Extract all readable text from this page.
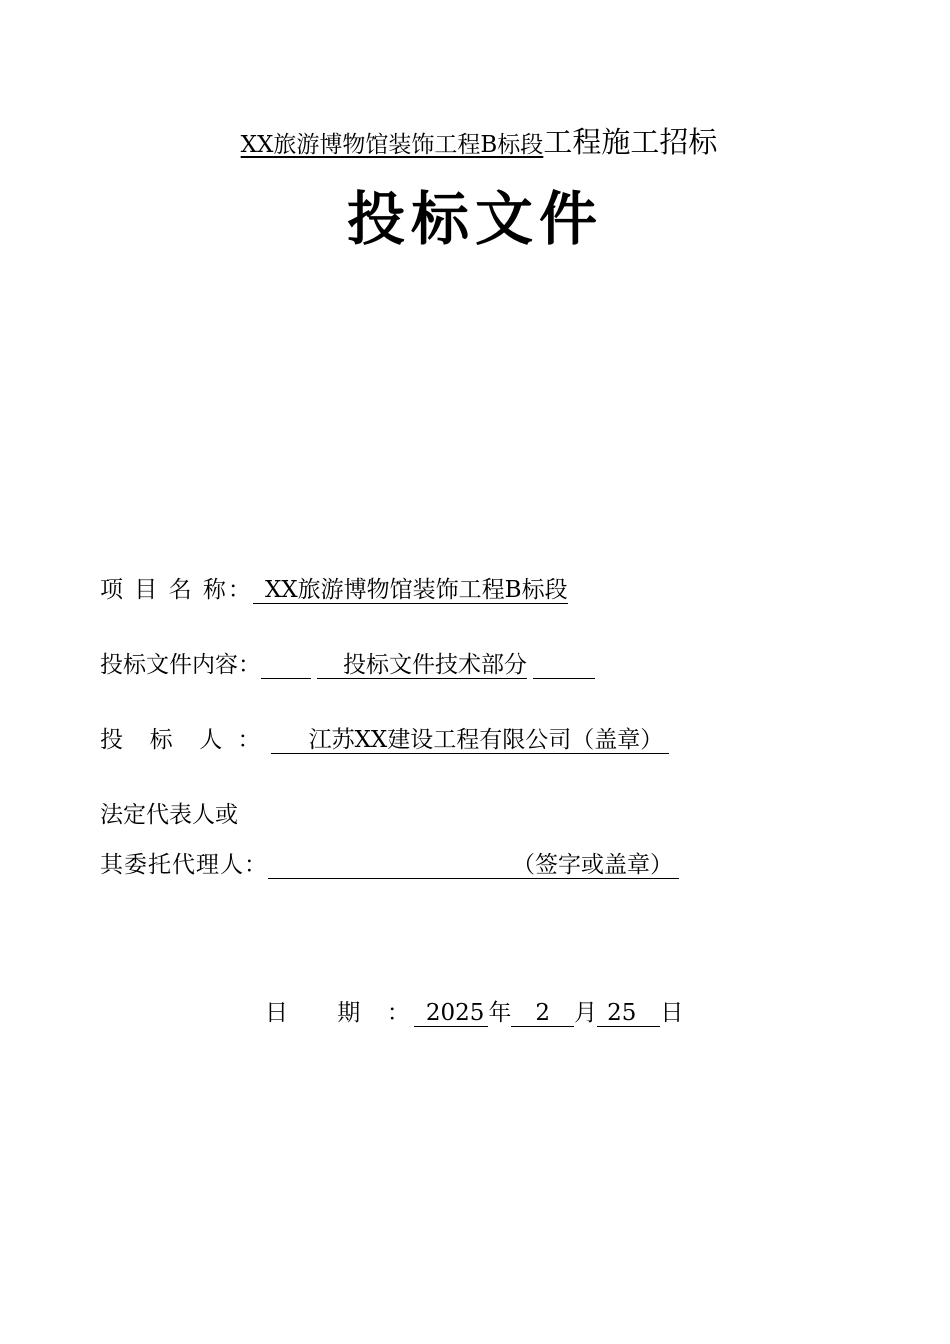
XX旅游博物馆装饰工程B标段工程施工招标
投标文件
项 目 名 称： XX旅游博物馆装饰工程B标段
投标文件内容：	投标文件技术部分
投  标  人 ： 江苏XX建设工程有限公司（盖章）
法定代表人或
其委托代理人：	（签字或盖章）
日    期  ： 2025 年 2 月 25 日
